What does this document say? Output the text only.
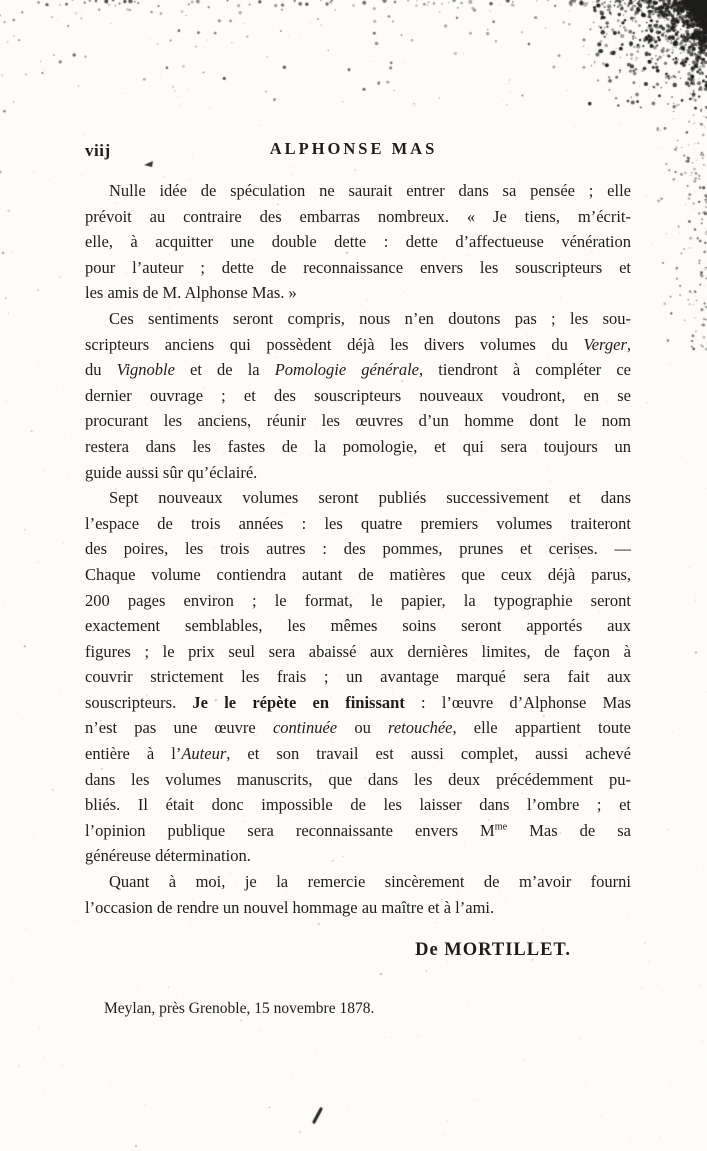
viij	ALPHONSE MAS

Nulle idée de spéculation ne saurait entrer dans sa pensée ; elle
prévoit au contraire des embarras nombreux. « Je tiens, m’écrit-
elle, à acquitter une double dette : dette d’affectueuse vénération
pour l’auteur ; dette de reconnaissance envers les souscripteurs et
les amis de M. Alphonse Mas. »

Ces sentiments seront compris, nous n’en doutons pas ; les sou-
scripteurs anciens qui possèdent déjà les divers volumes du Verger,
du Vignoble et de la Pomologie générale, tiendront à compléter ce
dernier ouvrage ; et des souscripteurs nouveaux voudront, en se
procurant les anciens, réunir les œuvres d’un homme dont le nom
restera dans les fastes de la pomologie, et qui sera toujours un
guide aussi sûr qu’éclairé.

Sept nouveaux volumes seront publiés successivement et dans
l’espace de trois années : les quatre premiers volumes traiteront
des poires, les trois autres : des pommes, prunes et cerises. —
Chaque volume contiendra autant de matières que ceux déjà parus,
200 pages environ ; le format, le papier, la typographie seront
exactement semblables, les mêmes soins seront apportés aux
figures ; le prix seul sera abaissé aux dernières limites, de façon à
couvrir strictement les frais ; un avantage marqué sera fait aux
souscripteurs. Je le répète en finissant : l’œuvre d’Alphonse Mas
n’est pas une œuvre continuée ou retouchée, elle appartient toute
entière à l’Auteur, et son travail est aussi complet, aussi achevé
dans les volumes manuscrits, que dans les deux précédemment pu-
bliés. Il était donc impossible de les laisser dans l’ombre ; et
l’opinion publique sera reconnaissante envers $M^{me}$ Mas de sa
généreuse détermination.

Quant à moi, je la remercie sincèrement de m’avoir fourni
l’occasion de rendre un nouvel hommage au maître et à l’ami.

De MORTILLET.
Meylan, près Grenoble, 15 novembre 1878.
